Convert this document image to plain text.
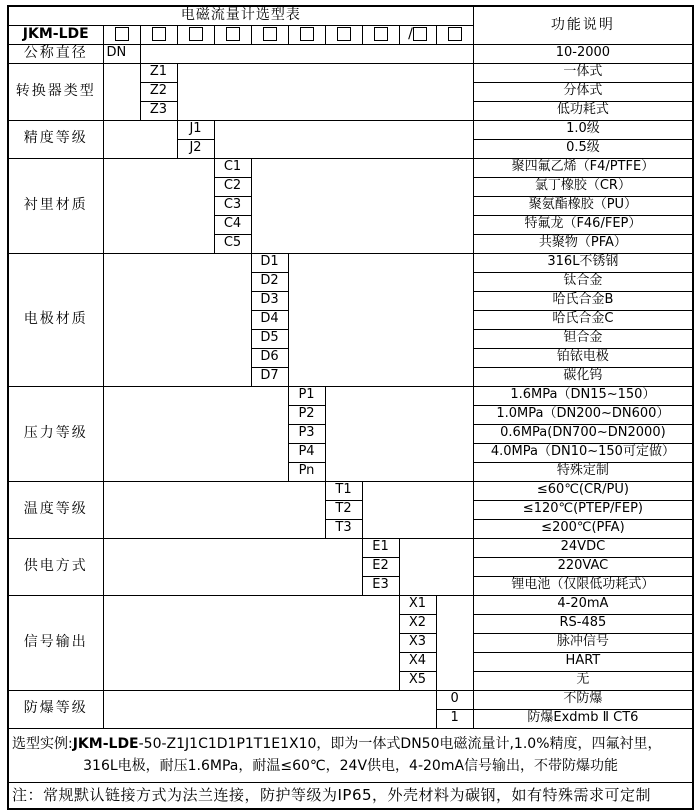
电磁流量计选型表											功能说明
JKM-LDE									/		
公称直径	DN										10-2000
转换器类型		Z1									一体式
		Z2									分体式
		Z3									低功耗式
精度等级			J1								1.0级
			J2								0.5级
衬里材质				C1							聚四氟乙烯（F4/PTFE）
				C2							氯丁橡胶（CR）
				C3							聚氨酯橡胶（PU）
				C4							特氟龙（F46/FEP）
				C5							共聚物（PFA）
电极材质					D1						316L不锈钢
					D2						钛合金
					D3						哈氏合金B
					D4						哈氏合金C
					D5						钽合金
					D6						铂铱电极
					D7						碳化钨
压力等级						P1					1.6MPa（DN15~150）
						P2					1.0MPa（DN200~DN600）
						P3					0.6MPa(DN700~DN2000)
						P4					4.0MPa（DN10~150可定做）
						Pn					特殊定制
温度等级							T1				≤60℃(CR/PU)
							T2				≤120℃(PTEP/FEP)
							T3				≤200℃(PFA)
供电方式								E1			24VDC
								E2			220VAC
								E3			锂电池（仅限低功耗式）
信号输出									X1		4-20mA
									X2		RS-485
									X3		脉冲信号
									X4		HART
									X5		无
防爆等级										0	不防爆
										1	防爆Exdmb Ⅱ CT6

选型实例:JKM-LDE-50-Z1J1C1D1P1T1E1X10，即为一体式DN50电磁流量计,1.0%精度，四氟衬里，
316L电极，耐压1.6MPa，耐温≤60℃，24V供电，4-20mA信号输出，不带防爆功能											

注：常规默认链接方式为法兰连接，防护等级为IP65，外壳材料为碳钢，如有特殊需求可定制											
